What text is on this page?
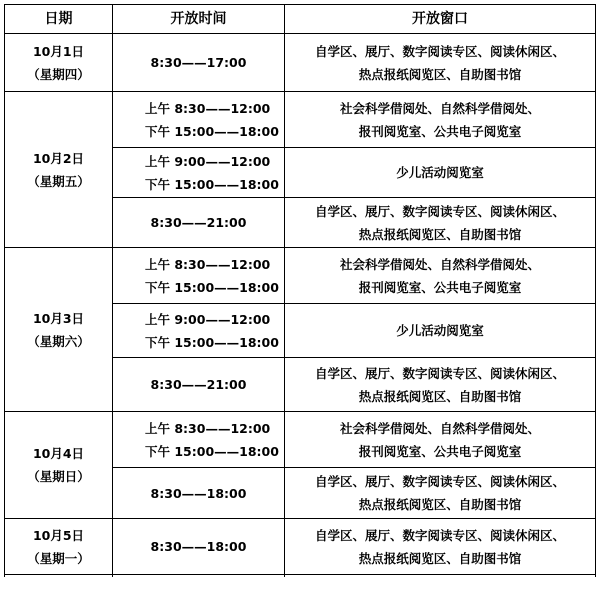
日期	开放时间	开放窗口

10月1日
（星期四）	8:30——17:00	自学区、展厅、数字阅读专区、阅读休闲区、
热点报纸阅览区、自助图书馆

10月2日
（星期五）	上午 8:30——12:00
下午 15:00——18:00	社会科学借阅处、自然科学借阅处、
报刊阅览室、公共电子阅览室

	上午 9:00——12:00
下午 15:00——18:00	少儿活动阅览室

	8:30——21:00	自学区、展厅、数字阅读专区、阅读休闲区、
热点报纸阅览区、自助图书馆

10月3日
（星期六）	上午 8:30——12:00
下午 15:00——18:00	社会科学借阅处、自然科学借阅处、
报刊阅览室、公共电子阅览室

	上午 9:00——12:00
下午 15:00——18:00	少儿活动阅览室

	8:30——21:00	自学区、展厅、数字阅读专区、阅读休闲区、
热点报纸阅览区、自助图书馆

10月4日
（星期日）	上午 8:30——12:00
下午 15:00——18:00	社会科学借阅处、自然科学借阅处、
报刊阅览室、公共电子阅览室

	8:30——18:00	自学区、展厅、数字阅读专区、阅读休闲区、
热点报纸阅览区、自助图书馆

10月5日
（星期一）	8:30——18:00	自学区、展厅、数字阅读专区、阅读休闲区、
热点报纸阅览区、自助图书馆
